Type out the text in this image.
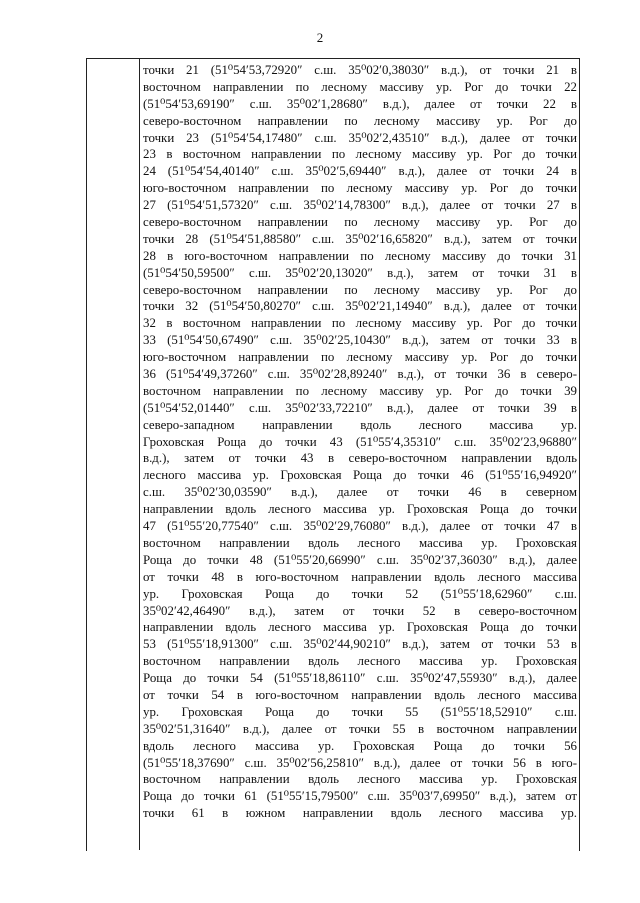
2
точки 21 (51⁰54′53,72920″ с.ш. 35⁰02′0,38030″ в.д.), от точки 21 в
восточном направлении по лесному массиву ур. Рог до точки 22
(51⁰54′53,69190″ с.ш. 35⁰02′1,28680″ в.д.), далее от точки 22 в
северо-восточном направлении по лесному массиву ур. Рог до
точки 23 (51⁰54′54,17480″ с.ш. 35⁰02′2,43510″ в.д.), далее от точки
23 в восточном направлении по лесному массиву ур. Рог до точки
24 (51⁰54′54,40140″ с.ш. 35⁰02′5,69440″ в.д.), далее от точки 24 в
юго-восточном направлении по лесному массиву ур. Рог до точки
27 (51⁰54′51,57320″ с.ш. 35⁰02′14,78300″ в.д.), далее от точки 27 в
северо-восточном направлении по лесному массиву ур. Рог до
точки 28 (51⁰54′51,88580″ с.ш. 35⁰02′16,65820″ в.д.), затем от точки
28 в юго-восточном направлении по лесному массиву до точки 31
(51⁰54′50,59500″ с.ш. 35⁰02′20,13020″ в.д.), затем от точки 31 в
северо-восточном направлении по лесному массиву ур. Рог до
точки 32 (51⁰54′50,80270″ с.ш. 35⁰02′21,14940″ в.д.), далее от точки
32 в восточном направлении по лесному массиву ур. Рог до точки
33 (51⁰54′50,67490″ с.ш. 35⁰02′25,10430″ в.д.), затем от точки 33 в
юго-восточном направлении по лесному массиву ур. Рог до точки
36 (51⁰54′49,37260″ с.ш. 35⁰02′28,89240″ в.д.), от точки 36 в северо-
восточном направлении по лесному массиву ур. Рог до точки 39
(51⁰54′52,01440″ с.ш. 35⁰02′33,72210″ в.д.), далее от точки 39 в
северо-западном направлении вдоль лесного массива ур.
Гроховская Роща до точки 43 (51⁰55′4,35310″ с.ш. 35⁰02′23,96880″
в.д.), затем от точки 43 в северо-восточном направлении вдоль
лесного массива ур. Гроховская Роща до точки 46 (51⁰55′16,94920″
с.ш. 35⁰02′30,03590″ в.д.), далее от точки 46 в северном
направлении вдоль лесного массива ур. Гроховская Роща до точки
47 (51⁰55′20,77540″ с.ш. 35⁰02′29,76080″ в.д.), далее от точки 47 в
восточном направлении вдоль лесного массива ур. Гроховская
Роща до точки 48 (51⁰55′20,66990″ с.ш. 35⁰02′37,36030″ в.д.), далее
от точки 48 в юго-восточном направлении вдоль лесного массива
ур. Гроховская Роща до точки 52 (51⁰55′18,62960″ с.ш.
35⁰02′42,46490″ в.д.), затем от точки 52 в северо-восточном
направлении вдоль лесного массива ур. Гроховская Роща до точки
53 (51⁰55′18,91300″ с.ш. 35⁰02′44,90210″ в.д.), затем от точки 53 в
восточном направлении вдоль лесного массива ур. Гроховская
Роща до точки 54 (51⁰55′18,86110″ с.ш. 35⁰02′47,55930″ в.д.), далее
от точки 54 в юго-восточном направлении вдоль лесного массива
ур. Гроховская Роща до точки 55 (51⁰55′18,52910″ с.ш.
35⁰02′51,31640″ в.д.), далее от точки 55 в восточном направлении
вдоль лесного массива ур. Гроховская Роща до точки 56
(51⁰55′18,37690″ с.ш. 35⁰02′56,25810″ в.д.), далее от точки 56 в юго-
восточном направлении вдоль лесного массива ур. Гроховская
Роща до точки 61 (51⁰55′15,79500″ с.ш. 35⁰03′7,69950″ в.д.), затем от
точки 61 в южном направлении вдоль лесного массива ур.
